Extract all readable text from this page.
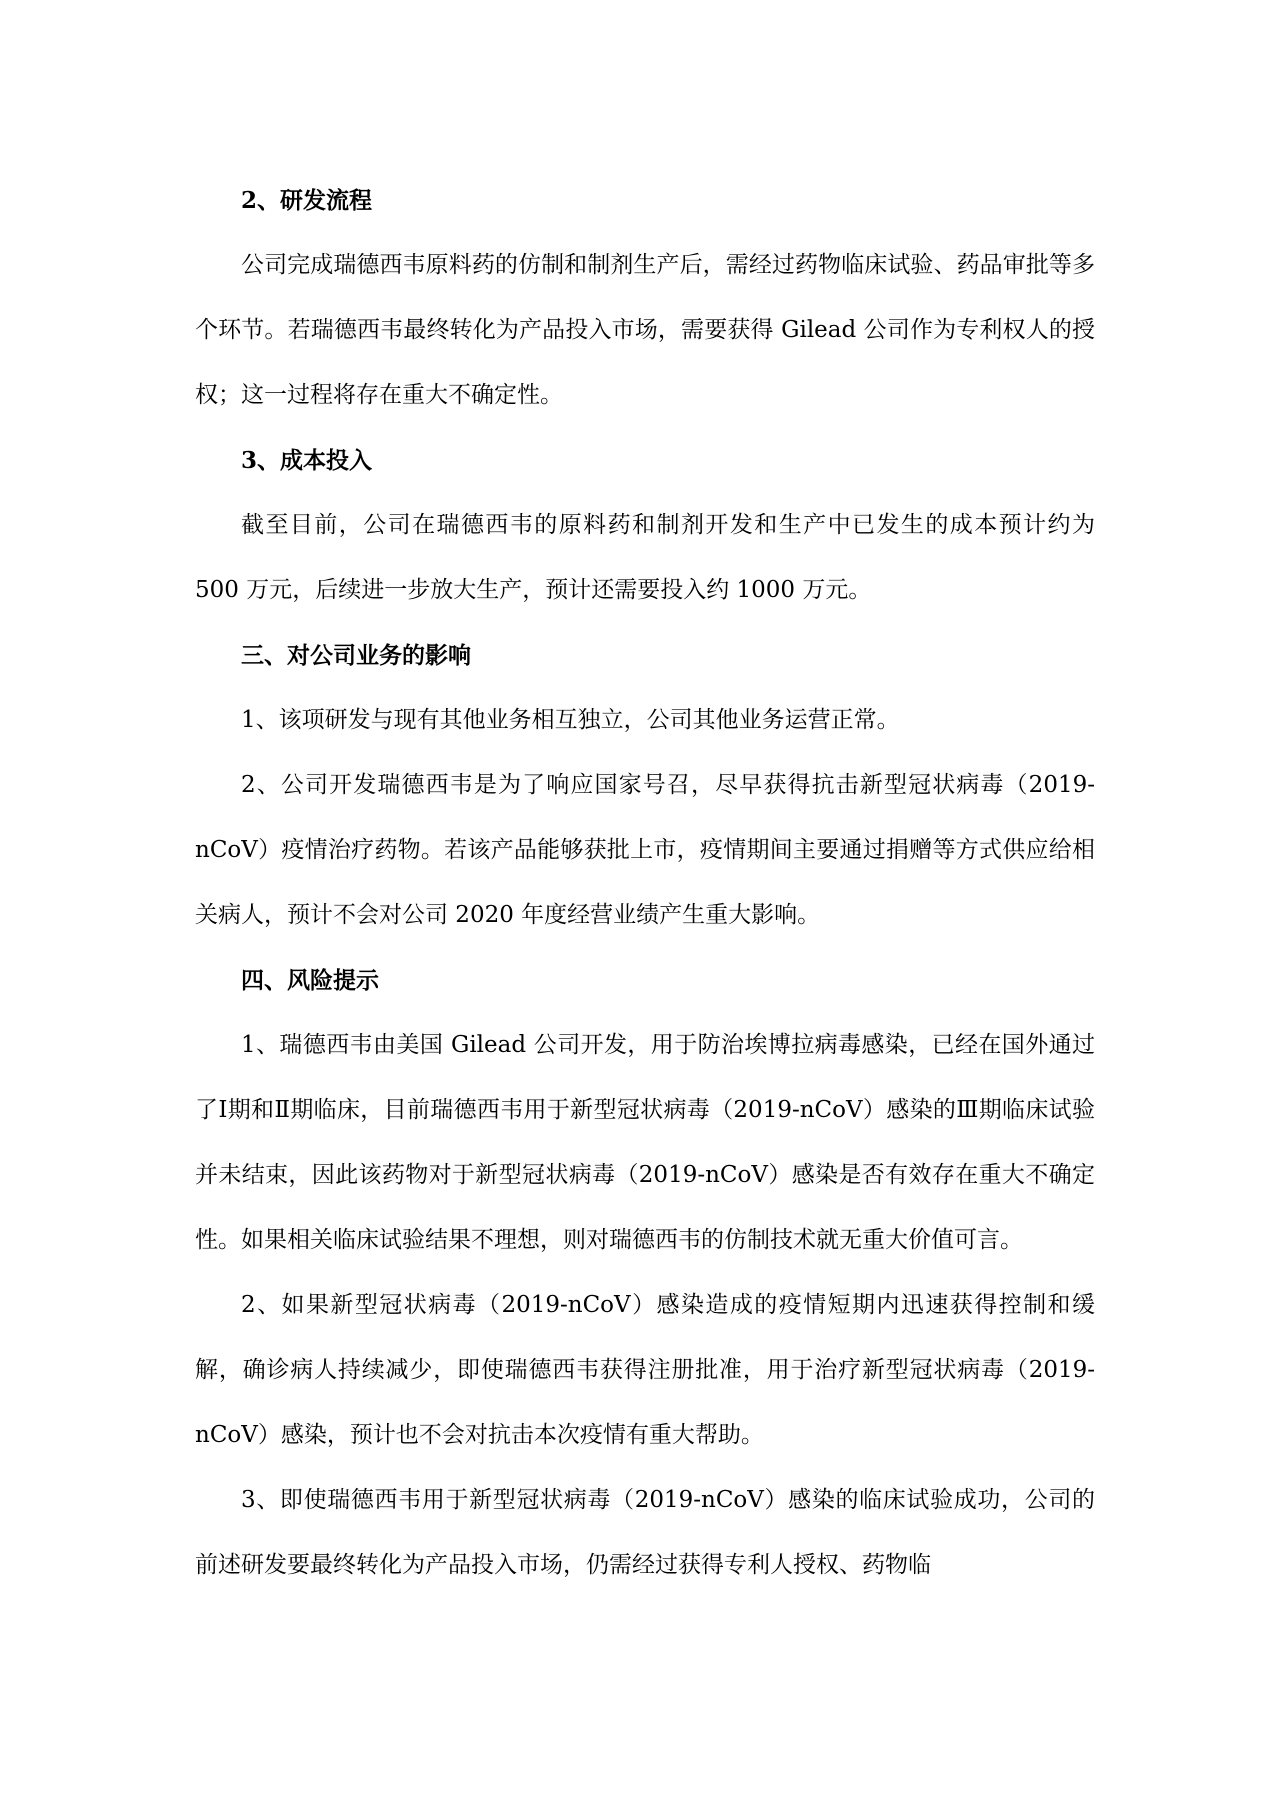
2、研发流程

公司完成瑞德西韦原料药的仿制和制剂生产后，需经过药物临床试验、药品审批等多个环节。若瑞德西韦最终转化为产品投入市场，需要获得 Gilead 公司作为专利权人的授权；这一过程将存在重大不确定性。

3、成本投入

截至目前，公司在瑞德西韦的原料药和制剂开发和生产中已发生的成本预计约为 500 万元，后续进一步放大生产，预计还需要投入约 1000 万元。

三、对公司业务的影响

1、该项研发与现有其他业务相互独立，公司其他业务运营正常。

2、公司开发瑞德西韦是为了响应国家号召，尽早获得抗击新型冠状病毒（2019-nCoV）疫情治疗药物。若该产品能够获批上市，疫情期间主要通过捐赠等方式供应给相关病人，预计不会对公司 2020 年度经营业绩产生重大影响。

四、风险提示

1、瑞德西韦由美国 Gilead 公司开发，用于防治埃博拉病毒感染，已经在国外通过了Ⅰ期和Ⅱ期临床，目前瑞德西韦用于新型冠状病毒（2019-nCoV）感染的Ⅲ期临床试验并未结束，因此该药物对于新型冠状病毒（2019-nCoV）感染是否有效存在重大不确定性。如果相关临床试验结果不理想，则对瑞德西韦的仿制技术就无重大价值可言。

2、如果新型冠状病毒（2019-nCoV）感染造成的疫情短期内迅速获得控制和缓解，确诊病人持续减少，即使瑞德西韦获得注册批准，用于治疗新型冠状病毒（2019-nCoV）感染，预计也不会对抗击本次疫情有重大帮助。

3、即使瑞德西韦用于新型冠状病毒（2019-nCoV）感染的临床试验成功，公司的前述研发要最终转化为产品投入市场，仍需经过获得专利人授权、药物临
